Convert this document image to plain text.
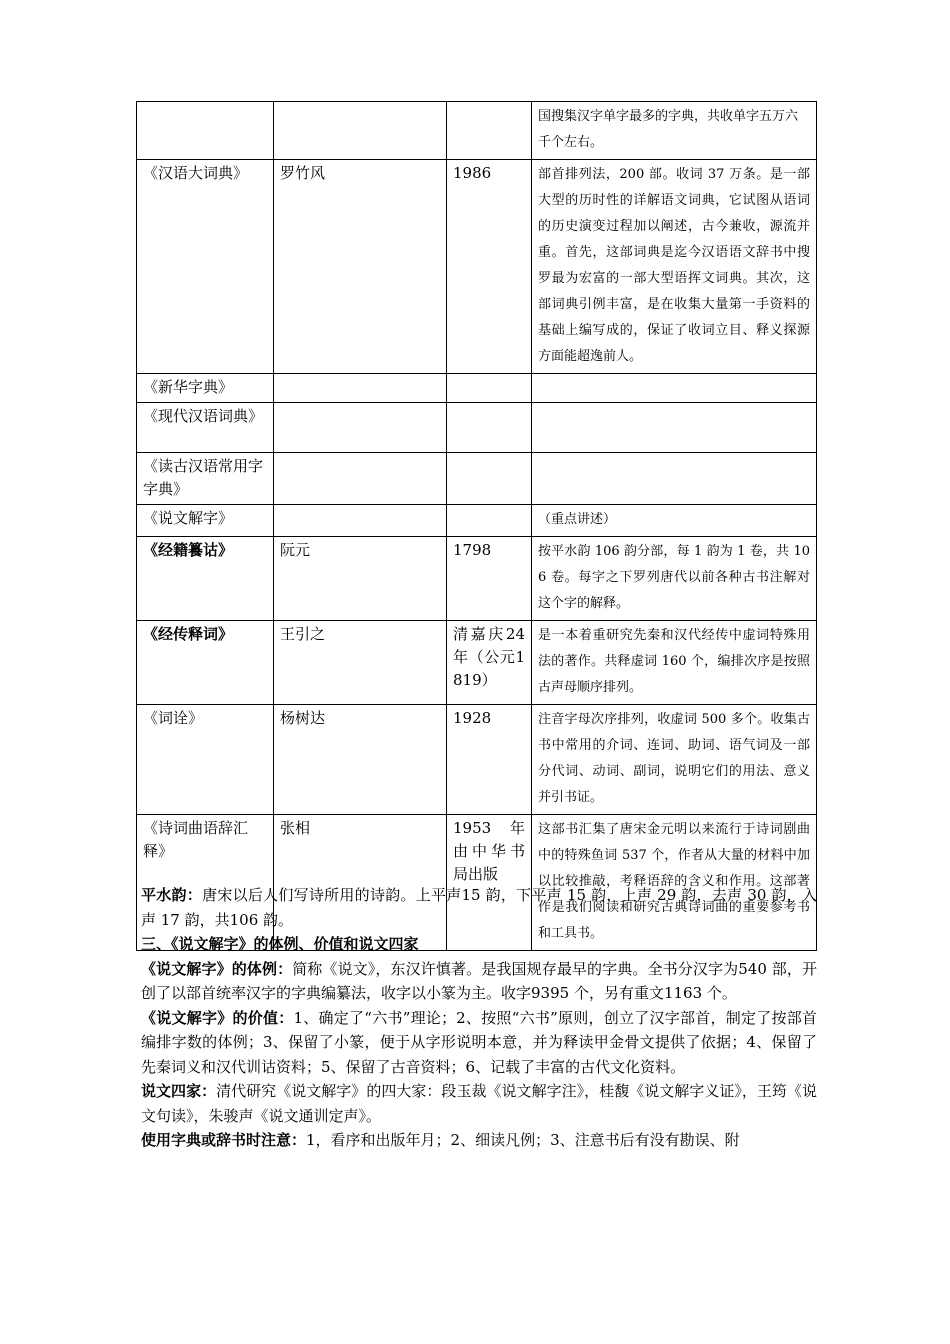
			国搜集汉字单字最多的字典，共收单字五万六千个左右。
《汉语大词典》	罗竹风	1986	部首排列法，200 部。收词 37 万条。是一部大型的历时性的详解语文词典，它试图从语词的历史演变过程加以阐述，古今兼收，源流并重。首先，这部词典是迄今汉语语文辞书中搜罗最为宏富的一部大型语挥文词典。其次，这部词典引例丰富，是在收集大量第一手资料的基础上编写成的，保证了收词立目、释义探源方面能超逸前人。
《新华字典》			
《现代汉语词典》			
《读古汉语常用字字典》			
《说文解字》			（重点讲述）
《经籍籑诂》	阮元	1798	按平水韵 106 韵分部，每 1 韵为 1 卷，共 106 卷。每字之下罗列唐代以前各种古书注解对这个字的解释。
《经传释词》	王引之	清嘉庆24年（公元1819）	是一本着重研究先秦和汉代经传中虚词特殊用法的著作。共释虚词 160 个，编排次序是按照古声母顺序排列。
《词诠》	杨树达	1928	注音字母次序排列，收虚词 500 多个。收集古书中常用的介词、连词、助词、语气词及一部分代词、动词、副词，说明它们的用法、意义并引书证。
《诗词曲语辞汇释》	张相	1953 年由中华书局出版	这部书汇集了唐宋金元明以来流行于诗词剧曲中的特殊鱼词 537 个，作者从大量的材料中加以比较推敲，考释语辞的含义和作用。这部著作是我们阅读和研究古典诗词曲的重要参考书和工具书。

平水韵：唐宋以后人们写诗所用的诗韵。上平声15 韵，下平声 15 韵，上声 29 韵，去声 30 韵，入声 17 韵，共106 韵。

三、《说文解字》的体例、价值和说文四家

《说文解字》的体例：简称《说文》，东汉许慎著。是我国规存最早的字典。全书分汉字为540 部，开创了以部首统率汉字的字典编纂法，收字以小篆为主。收字9395 个，另有重文1163 个。

《说文解字》的价值：1、确定了“六书”理论；2、按照“六书”原则，创立了汉字部首，制定了按部首编排字数的体例；3、保留了小篆，便于从字形说明本意，并为释读甲金骨文提供了依据；4、保留了先秦词义和汉代训诂资料；5、保留了古音资料；6、记载了丰富的古代文化资料。

说文四家：清代研究《说文解字》的四大家：段玉裁《说文解字注》，桂馥《说文解字义证》，王筠《说文句读》，朱骏声《说文通训定声》。

使用字典或辞书时注意：1，看序和出版年月；2、细读凡例；3、注意书后有没有勘误、附
